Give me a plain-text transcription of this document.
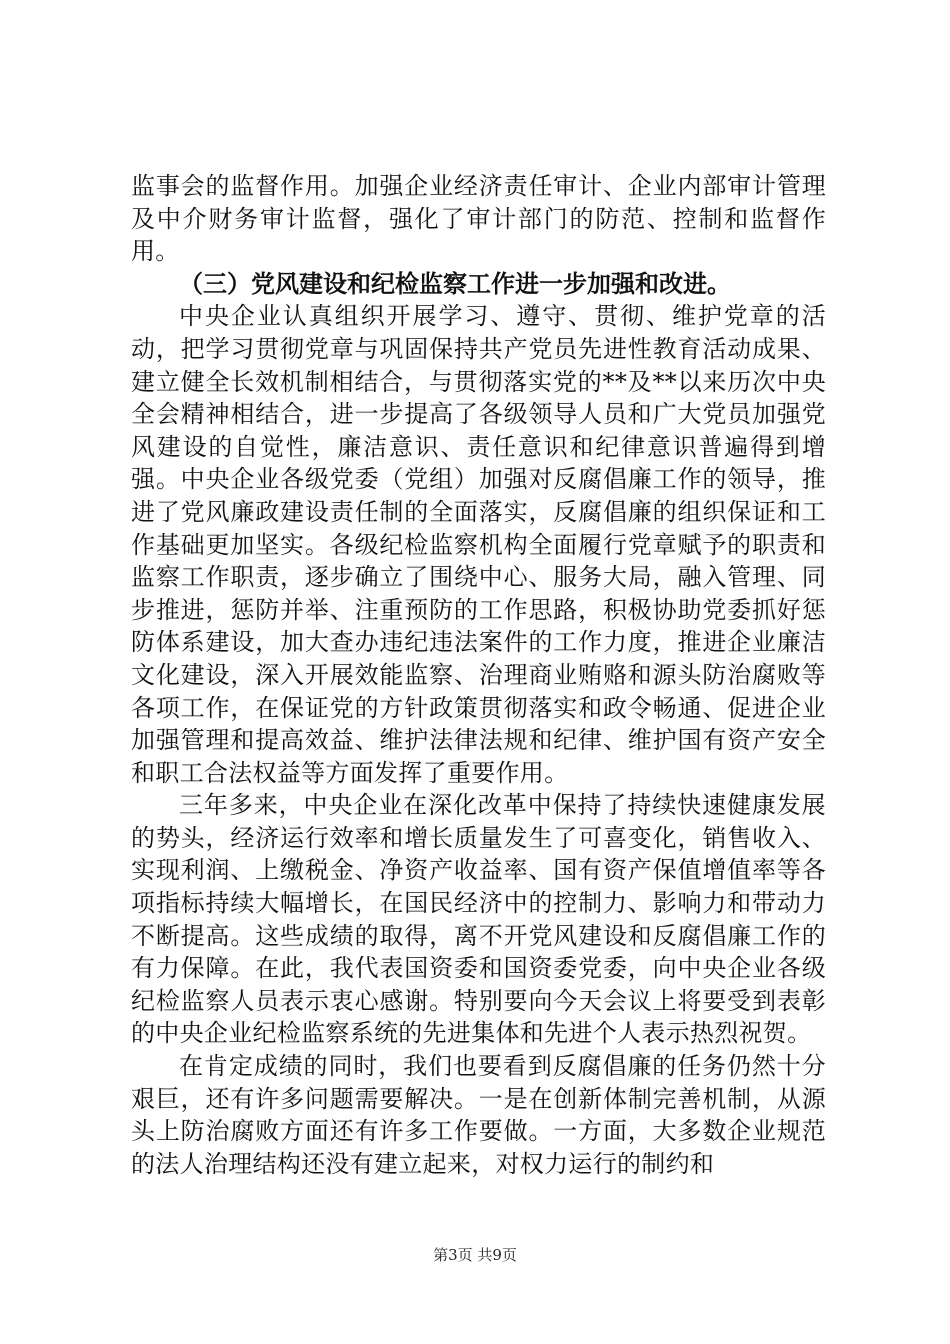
监事会的监督作用。加强企业经济责任审计、企业内部审计管理及中介财务审计监督，强化了审计部门的防范、控制和监督作用。

（三）党风建设和纪检监察工作进一步加强和改进。

中央企业认真组织开展学习、遵守、贯彻、维护党章的活动，把学习贯彻党章与巩固保持共产党员先进性教育活动成果、建立健全长效机制相结合，与贯彻落实党的**及**以来历次中央全会精神相结合，进一步提高了各级领导人员和广大党员加强党风建设的自觉性，廉洁意识、责任意识和纪律意识普遍得到增强。中央企业各级党委（党组）加强对反腐倡廉工作的领导，推进了党风廉政建设责任制的全面落实，反腐倡廉的组织保证和工作基础更加坚实。各级纪检监察机构全面履行党章赋予的职责和监察工作职责，逐步确立了围绕中心、服务大局，融入管理、同步推进，惩防并举、注重预防的工作思路，积极协助党委抓好惩防体系建设，加大查办违纪违法案件的工作力度，推进企业廉洁文化建设，深入开展效能监察、治理商业贿赂和源头防治腐败等各项工作，在保证党的方针政策贯彻落实和政令畅通、促进企业加强管理和提高效益、维护法律法规和纪律、维护国有资产安全和职工合法权益等方面发挥了重要作用。

三年多来，中央企业在深化改革中保持了持续快速健康发展的势头，经济运行效率和增长质量发生了可喜变化，销售收入、实现利润、上缴税金、净资产收益率、国有资产保值增值率等各项指标持续大幅增长，在国民经济中的控制力、影响力和带动力不断提高。这些成绩的取得，离不开党风建设和反腐倡廉工作的有力保障。在此，我代表国资委和国资委党委，向中央企业各级纪检监察人员表示衷心感谢。特别要向今天会议上将要受到表彰的中央企业纪检监察系统的先进集体和先进个人表示热烈祝贺。

在肯定成绩的同时，我们也要看到反腐倡廉的任务仍然十分艰巨，还有许多问题需要解决。一是在创新体制完善机制，从源头上防治腐败方面还有许多工作要做。一方面，大多数企业规范的法人治理结构还没有建立起来，对权力运行的制约和

第3页 共9页
